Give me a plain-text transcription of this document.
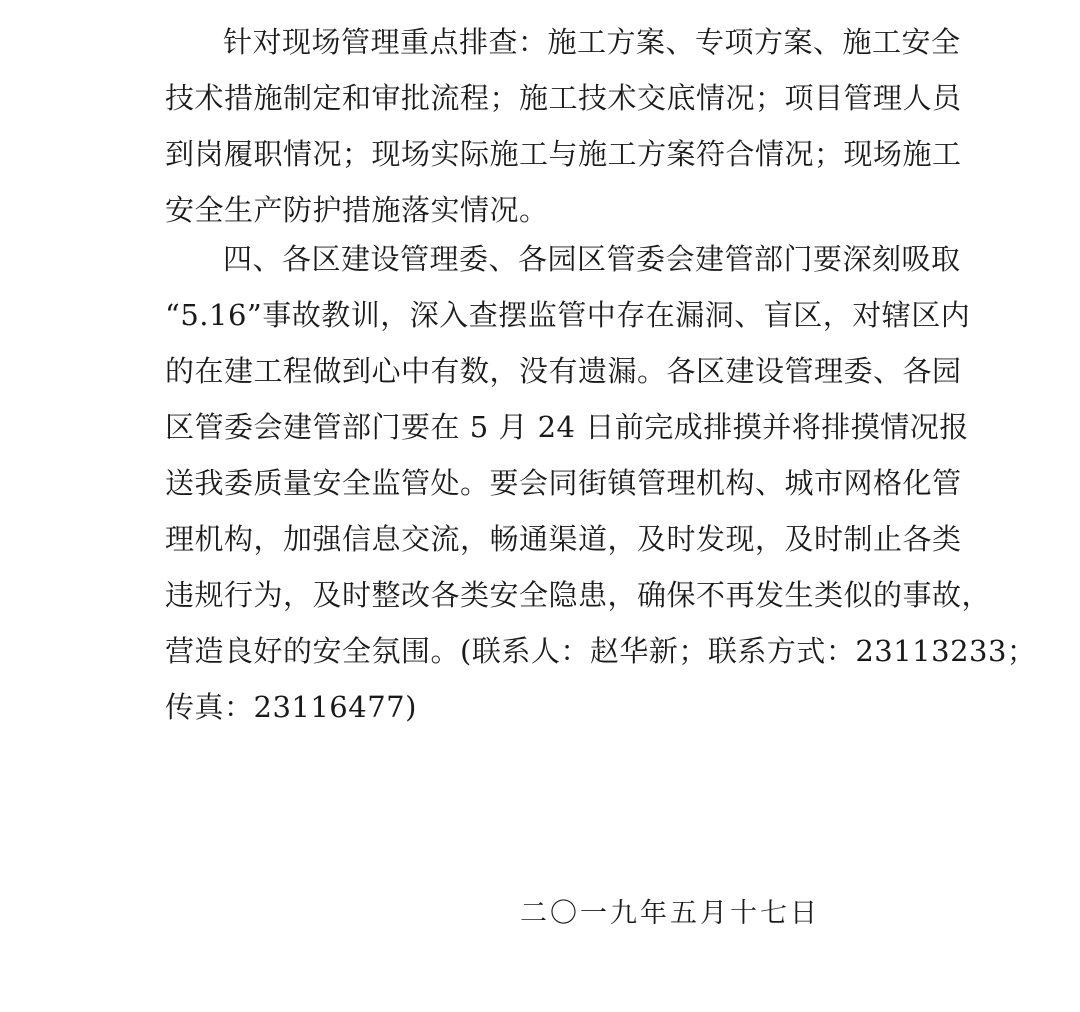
针对现场管理重点排查：施工方案、专项方案、施工安全
技术措施制定和审批流程；施工技术交底情况；项目管理人员
到岗履职情况；现场实际施工与施工方案符合情况；现场施工
安全生产防护措施落实情况。
四、各区建设管理委、各园区管委会建管部门要深刻吸取
“5.16”事故教训，深入查摆监管中存在漏洞、盲区，对辖区内
的在建工程做到心中有数，没有遗漏。各区建设管理委、各园
区管委会建管部门要在 5 月 24 日前完成排摸并将排摸情况报
送我委质量安全监管处。要会同街镇管理机构、城市网格化管
理机构，加强信息交流，畅通渠道，及时发现，及时制止各类
违规行为，及时整改各类安全隐患，确保不再发生类似的事故，
营造良好的安全氛围。(联系人：赵华新；联系方式：23113233；
传真：23116477)
二〇一九年五月十七日
